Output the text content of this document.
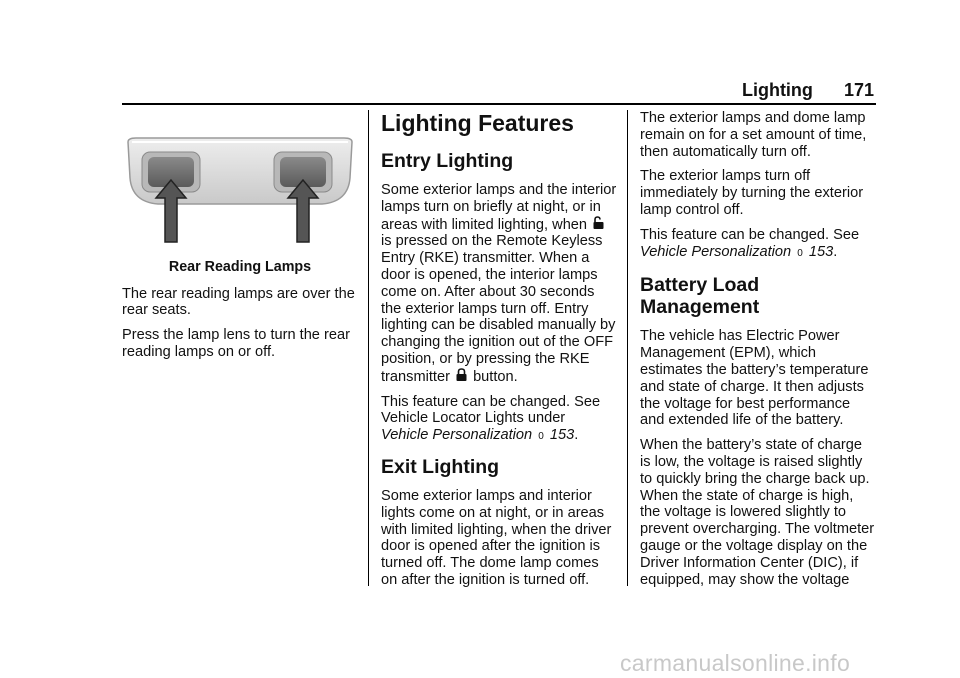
Lighting 171
Rear Reading Lamps

The rear reading lamps are over the rear seats.

Press the lamp lens to turn the rear reading lamps on or off.

Lighting Features
Entry Lighting

Some exterior lamps and the interior lamps turn on briefly at night, or in areas with limited lighting, when  is pressed on the Remote Keyless Entry (RKE) transmitter. When a door is opened, the interior lamps come on. After about 30 seconds the exterior lamps turn off. Entry lighting can be disabled manually by changing the ignition out of the OFF position, or by pressing the RKE transmitter button.

This feature can be changed. See Vehicle Locator Lights under
Vehicle Personalization 0 153.

Exit Lighting

Some exterior lamps and interior lights come on at night, or in areas with limited lighting, when the driver door is opened after the ignition is turned off. The dome lamp comes on after the ignition is turned off.

The exterior lamps and dome lamp remain on for a set amount of time, then automatically turn off.

The exterior lamps turn off immediately by turning the exterior lamp control off.

This feature can be changed. See
Vehicle Personalization 0 153.

Battery Load Management

The vehicle has Electric Power Management (EPM), which estimates the battery’s temperature and state of charge. It then adjusts the voltage for best performance and extended life of the battery.

When the battery’s state of charge is low, the voltage is raised slightly to quickly bring the charge back up. When the state of charge is high, the voltage is lowered slightly to prevent overcharging. The voltmeter gauge or the voltage display on the Driver Information Center (DIC), if equipped, may show the voltage

carmanualsonline.info
